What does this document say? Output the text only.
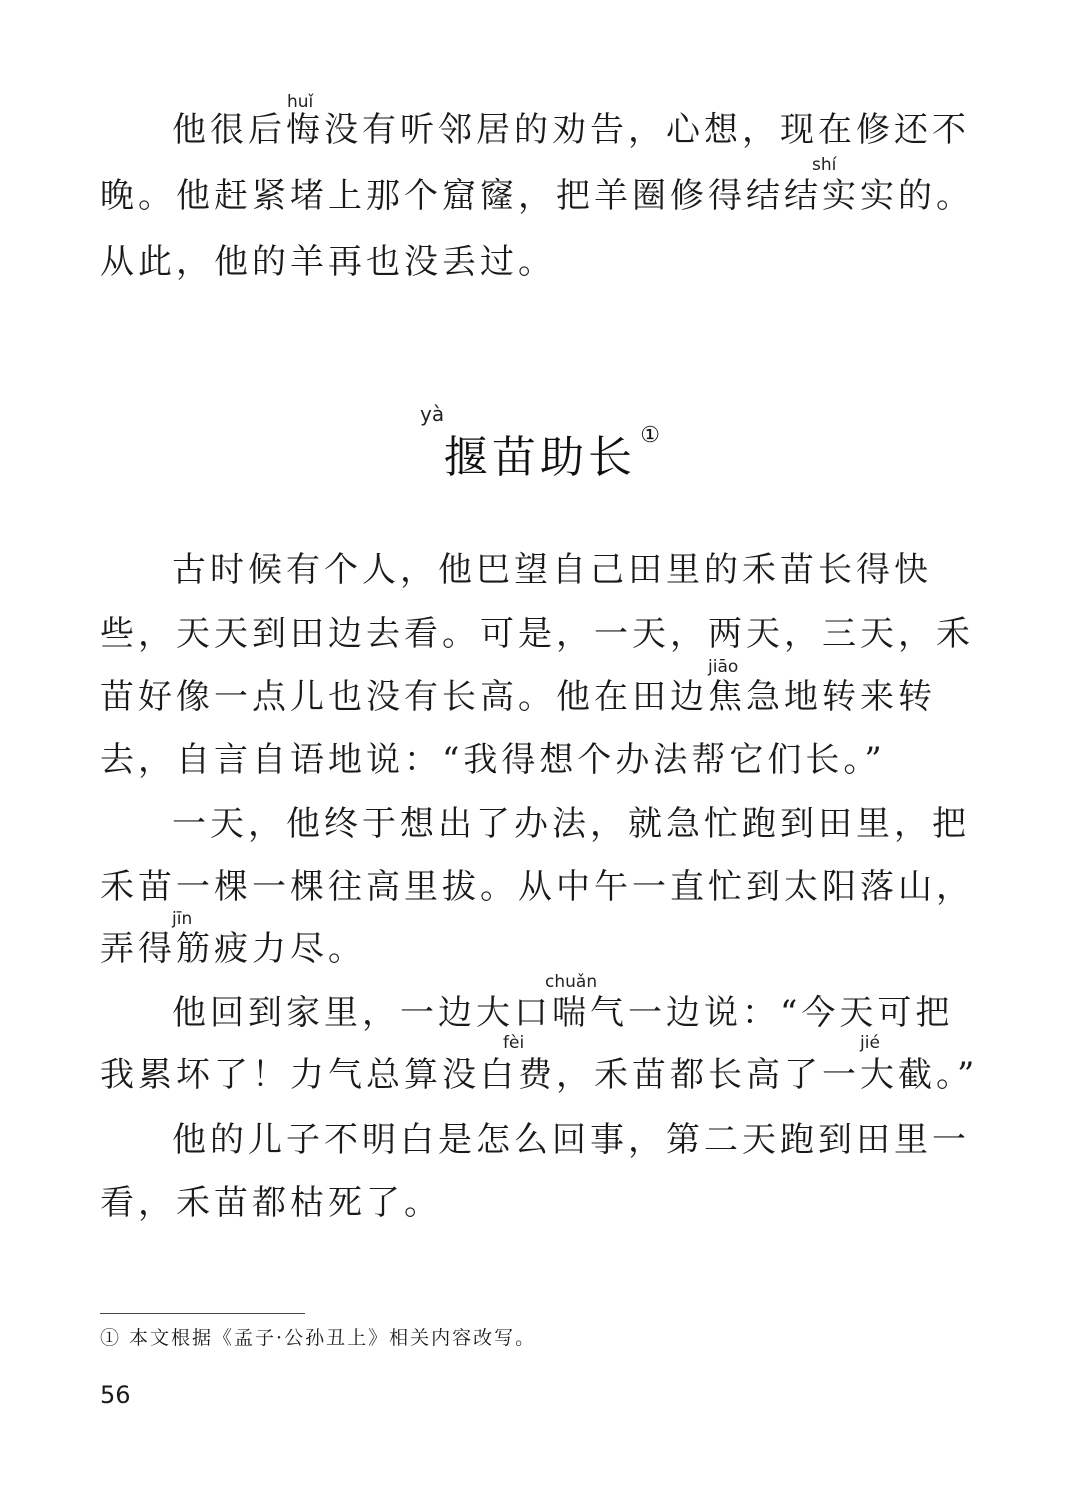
huǐ
他很后悔没有听邻居的劝告，心想，现在修还不
shí
晚。他赶紧堵上那个窟窿，把羊圈修得结结实实的。
从此，他的羊再也没丢过。
yà
揠苗助长 ①
古时候有个人，他巴望自己田里的禾苗长得快
些，天天到田边去看。可是，一天，两天，三天，禾
jiāo
苗好像一点儿也没有长高。他在田边焦急地转来转
去，自言自语地说：“我得想个办法帮它们长。”
一天，他终于想出了办法，就急忙跑到田里，把
禾苗一棵一棵往高里拔。从中午一直忙到太阳落山，
jīn
弄得筋疲力尽。
chuǎn
他回到家里，一边大口喘气一边说：“今天可把
fèi	jié
我累坏了！力气总算没白费，禾苗都长高了一大截。”
他的儿子不明白是怎么回事，第二天跑到田里一
看，禾苗都枯死了。
① 本文根据《孟子·公孙丑上》相关内容改写。
56
